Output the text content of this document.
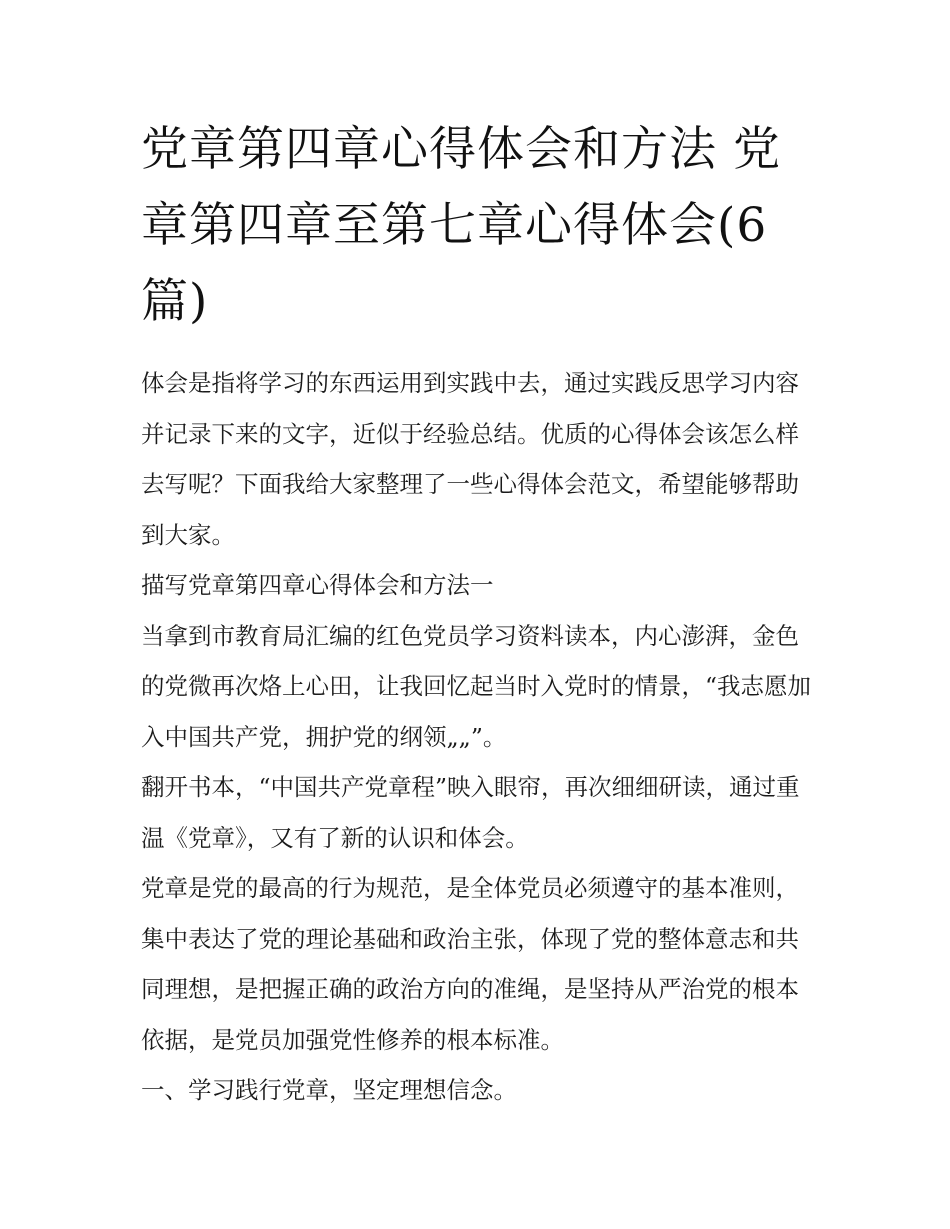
党章第四章心得体会和方法 党章第四章至第七章心得体会(6篇)

体会是指将学习的东西运用到实践中去，通过实践反思学习内容并记录下来的文字，近似于经验总结。优质的心得体会该怎么样去写呢？下面我给大家整理了一些心得体会范文，希望能够帮助到大家。

描写党章第四章心得体会和方法一

当拿到市教育局汇编的红色党员学习资料读本，内心澎湃，金色的党微再次烙上心田，让我回忆起当时入党时的情景，“我志愿加入中国共产党，拥护党的纲领„„”。

翻开书本，“中国共产党章程”映入眼帘，再次细细研读，通过重温《党章》，又有了新的认识和体会。

党章是党的最高的行为规范，是全体党员必须遵守的基本准则，集中表达了党的理论基础和政治主张，体现了党的整体意志和共同理想，是把握正确的政治方向的准绳，是坚持从严治党的根本依据，是党员加强党性修养的根本标准。

一、学习践行党章，坚定理想信念。
